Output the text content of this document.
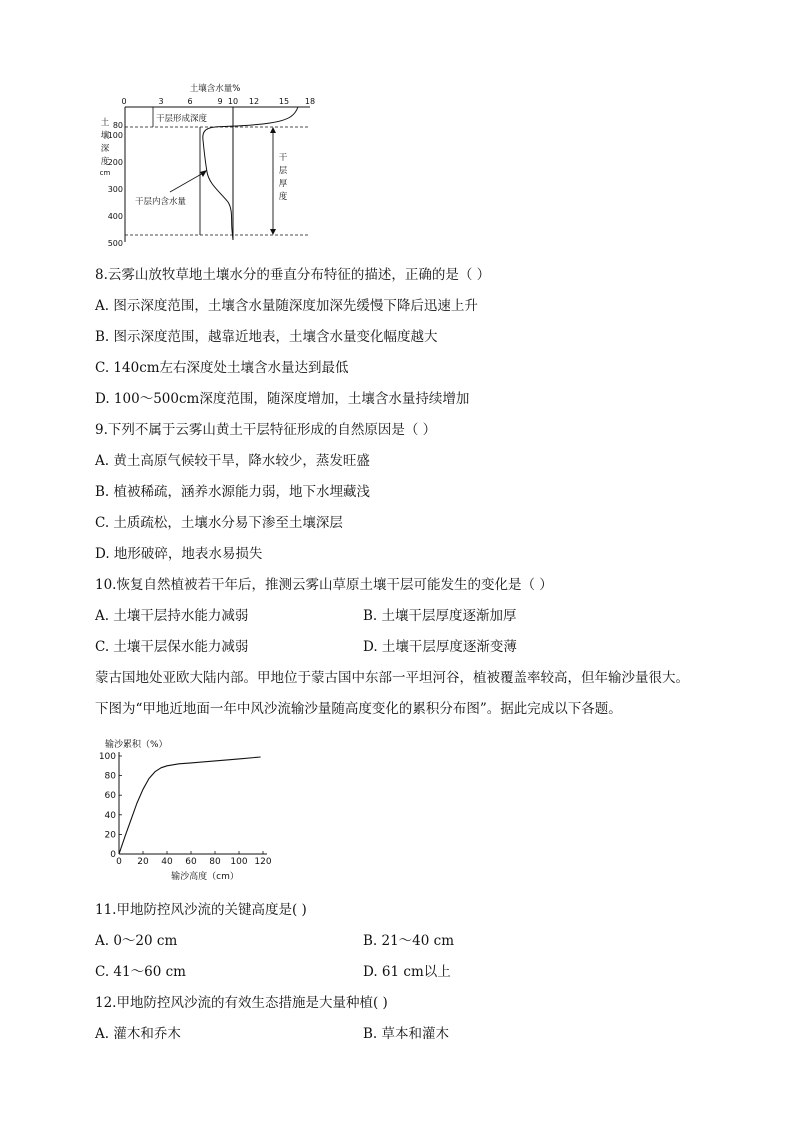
土壤含水量%
0	3	6	9 10 12 15 18
土
壤
深
度
cm
80
100
200
300
400
500
干层形成深度
干
层
厚
度
干层内含水量
8.云雾山放牧草地土壤水分的垂直分布特征的描述，正确的是（ ）
A. 图示深度范围，土壤含水量随深度加深先缓慢下降后迅速上升
B. 图示深度范围，越靠近地表，土壤含水量变化幅度越大
C. 140cm左右深度处土壤含水量达到最低
D. 100～500cm深度范围，随深度增加，土壤含水量持续增加
9.下列不属于云雾山黄土干层特征形成的自然原因是（ ）
A. 黄土高原气候较干旱，降水较少，蒸发旺盛
B. 植被稀疏，涵养水源能力弱，地下水埋藏浅
C. 土质疏松，土壤水分易下渗至土壤深层
D. 地形破碎，地表水易损失
10.恢复自然植被若干年后，推测云雾山草原土壤干层可能发生的变化是（ ）
A. 土壤干层持水能力减弱	B. 土壤干层厚度逐渐加厚
C. 土壤干层保水能力减弱	D. 土壤干层厚度逐渐变薄
蒙古国地处亚欧大陆内部。甲地位于蒙古国中东部一平坦河谷，植被覆盖率较高，但年输沙量很大。
下图为“甲地近地面一年中风沙流输沙量随高度变化的累积分布图”。据此完成以下各题。
输沙累积（%）
输沙高度（cm）
0 20 40 60 80 100 120
0
20
40
60
80
100
11.甲地防控风沙流的关键高度是( )
A. 0～20 cm	B. 21～40 cm
C. 41～60 cm	D. 61 cm以上
12.甲地防控风沙流的有效生态措施是大量种植( )
A. 灌木和乔木	B. 草本和灌木
